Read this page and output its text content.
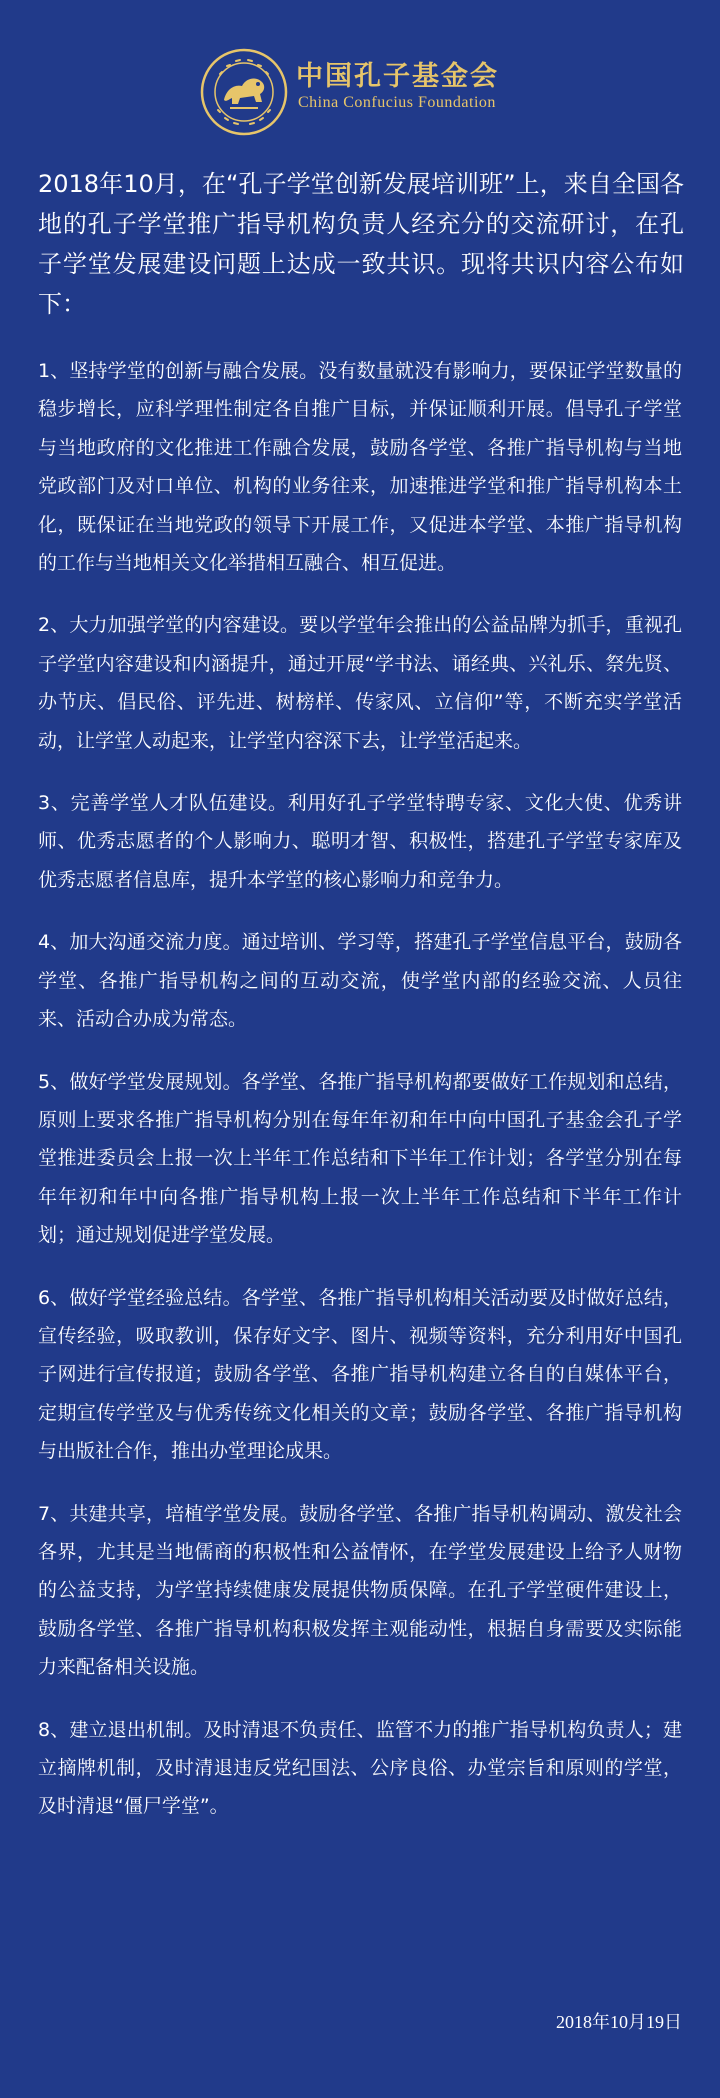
中国孔子基金会
China Confucius Foundation

2018年10月，在“孔子学堂创新发展培训班”上，来自全国各地的孔子学堂推广指导机构负责人经充分的交流研讨，在孔子学堂发展建设问题上达成一致共识。现将共识内容公布如下：

1、坚持学堂的创新与融合发展。没有数量就没有影响力，要保证学堂数量的稳步增长，应科学理性制定各自推广目标，并保证顺利开展。倡导孔子学堂与当地政府的文化推进工作融合发展，鼓励各学堂、各推广指导机构与当地党政部门及对口单位、机构的业务往来，加速推进学堂和推广指导机构本土化，既保证在当地党政的领导下开展工作，又促进本学堂、本推广指导机构的工作与当地相关文化举措相互融合、相互促进。

2、大力加强学堂的内容建设。要以学堂年会推出的公益品牌为抓手，重视孔子学堂内容建设和内涵提升，通过开展“学书法、诵经典、兴礼乐、祭先贤、办节庆、倡民俗、评先进、树榜样、传家风、立信仰”等，不断充实学堂活动，让学堂人动起来，让学堂内容深下去，让学堂活起来。

3、完善学堂人才队伍建设。利用好孔子学堂特聘专家、文化大使、优秀讲师、优秀志愿者的个人影响力、聪明才智、积极性，搭建孔子学堂专家库及优秀志愿者信息库，提升本学堂的核心影响力和竞争力。

4、加大沟通交流力度。通过培训、学习等，搭建孔子学堂信息平台，鼓励各学堂、各推广指导机构之间的互动交流，使学堂内部的经验交流、人员往来、活动合办成为常态。

5、做好学堂发展规划。各学堂、各推广指导机构都要做好工作规划和总结，原则上要求各推广指导机构分别在每年年初和年中向中国孔子基金会孔子学堂推进委员会上报一次上半年工作总结和下半年工作计划；各学堂分别在每年年初和年中向各推广指导机构上报一次上半年工作总结和下半年工作计划；通过规划促进学堂发展。

6、做好学堂经验总结。各学堂、各推广指导机构相关活动要及时做好总结，宣传经验，吸取教训，保存好文字、图片、视频等资料，充分利用好中国孔子网进行宣传报道；鼓励各学堂、各推广指导机构建立各自的自媒体平台，定期宣传学堂及与优秀传统文化相关的文章；鼓励各学堂、各推广指导机构与出版社合作，推出办堂理论成果。

7、共建共享，培植学堂发展。鼓励各学堂、各推广指导机构调动、激发社会各界，尤其是当地儒商的积极性和公益情怀，在学堂发展建设上给予人财物的公益支持，为学堂持续健康发展提供物质保障。在孔子学堂硬件建设上，鼓励各学堂、各推广指导机构积极发挥主观能动性，根据自身需要及实际能力来配备相关设施。

8、建立退出机制。及时清退不负责任、监管不力的推广指导机构负责人；建立摘牌机制，及时清退违反党纪国法、公序良俗、办堂宗旨和原则的学堂，及时清退“僵尸学堂”。

2018年10月19日
